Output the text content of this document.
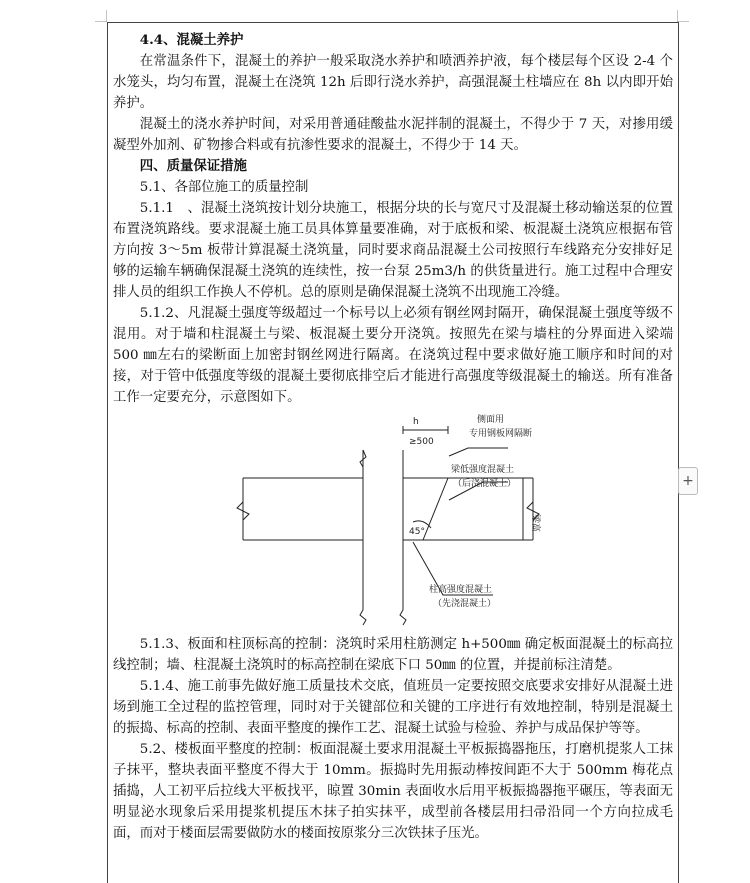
4.4、混凝土养护

在常温条件下，混凝土的养护一般采取浇水养护和喷洒养护液，每个楼层每个区设 2-4 个水笼头，均匀布置，混凝土在浇筑 12h 后即行浇水养护，高强混凝土柱墙应在 8h 以内即开始养护。

混凝土的浇水养护时间，对采用普通硅酸盐水泥拌制的混凝土，不得少于 7 天，对掺用缓凝型外加剂、矿物掺合料或有抗渗性要求的混凝土，不得少于 14 天。

四、质量保证措施

5.1、各部位施工的质量控制

5.1.1　、混凝土浇筑按计划分块施工，根据分块的长与宽尺寸及混凝土移动输送泵的位置布置浇筑路线。要求混凝土施工员具体算量要准确，对于底板和梁、板混凝土浇筑应根据布管方向按 3～5m 板带计算混凝土浇筑量，同时要求商品混凝土公司按照行车线路充分安排好足够的运输车辆确保混凝土浇筑的连续性，按一台泵 25m3/h 的供货量进行。施工过程中合理安排人员的组织工作换人不停机。总的原则是确保混凝土浇筑不出现施工冷缝。

5.1.2、凡混凝土强度等级超过一个标号以上必须有钢丝网封隔开，确保混凝土强度等级不混用。对于墙和柱混凝土与梁、板混凝土要分开浇筑。按照先在梁与墙柱的分界面进入梁端 500 ㎜左右的梁断面上加密封钢丝网进行隔离。在浇筑过程中要求做好施工顺序和时间的对接，对于管中低强度等级的混凝土要彻底排空后才能进行高强度等级混凝土的输送。所有准备工作一定要充分，示意图如下。

h
≥500
侧面用
专用钢板网隔断
梁低强度混凝土
（后浇混凝土）
45°	梁高
柱高强度混凝土
（先浇混凝土）

5.1.3、板面和柱顶标高的控制：浇筑时采用柱筋测定 h+500㎜ 确定板面混凝土的标高拉线控制；墙、柱混凝土浇筑时的标高控制在梁底下口 50㎜ 的位置，并提前标注清楚。

5.1.4、施工前事先做好施工质量技术交底，值班员一定要按照交底要求安排好从混凝土进场到施工全过程的监控管理，同时对于关键部位和关键的工序进行有效地控制，特别是混凝土的振捣、标高的控制、表面平整度的操作工艺、混凝土试验与检验、养护与成品保护等等。

5.2、楼板面平整度的控制：板面混凝土要求用混凝土平板振捣器拖压，打磨机提浆人工抹子抹平，整块表面平整度不得大于 10mm。振捣时先用振动棒按间距不大于 500mm 梅花点插捣，人工初平后拉线大平板找平，晾置 30min 表面收水后用平板振捣器拖平碾压，等表面无明显泌水现象后采用提浆机提压木抹子拍实抹平，成型前各楼层用扫帚沿同一个方向拉成毛面，而对于楼面层需要做防水的楼面按原浆分三次铁抹子压光。

+
